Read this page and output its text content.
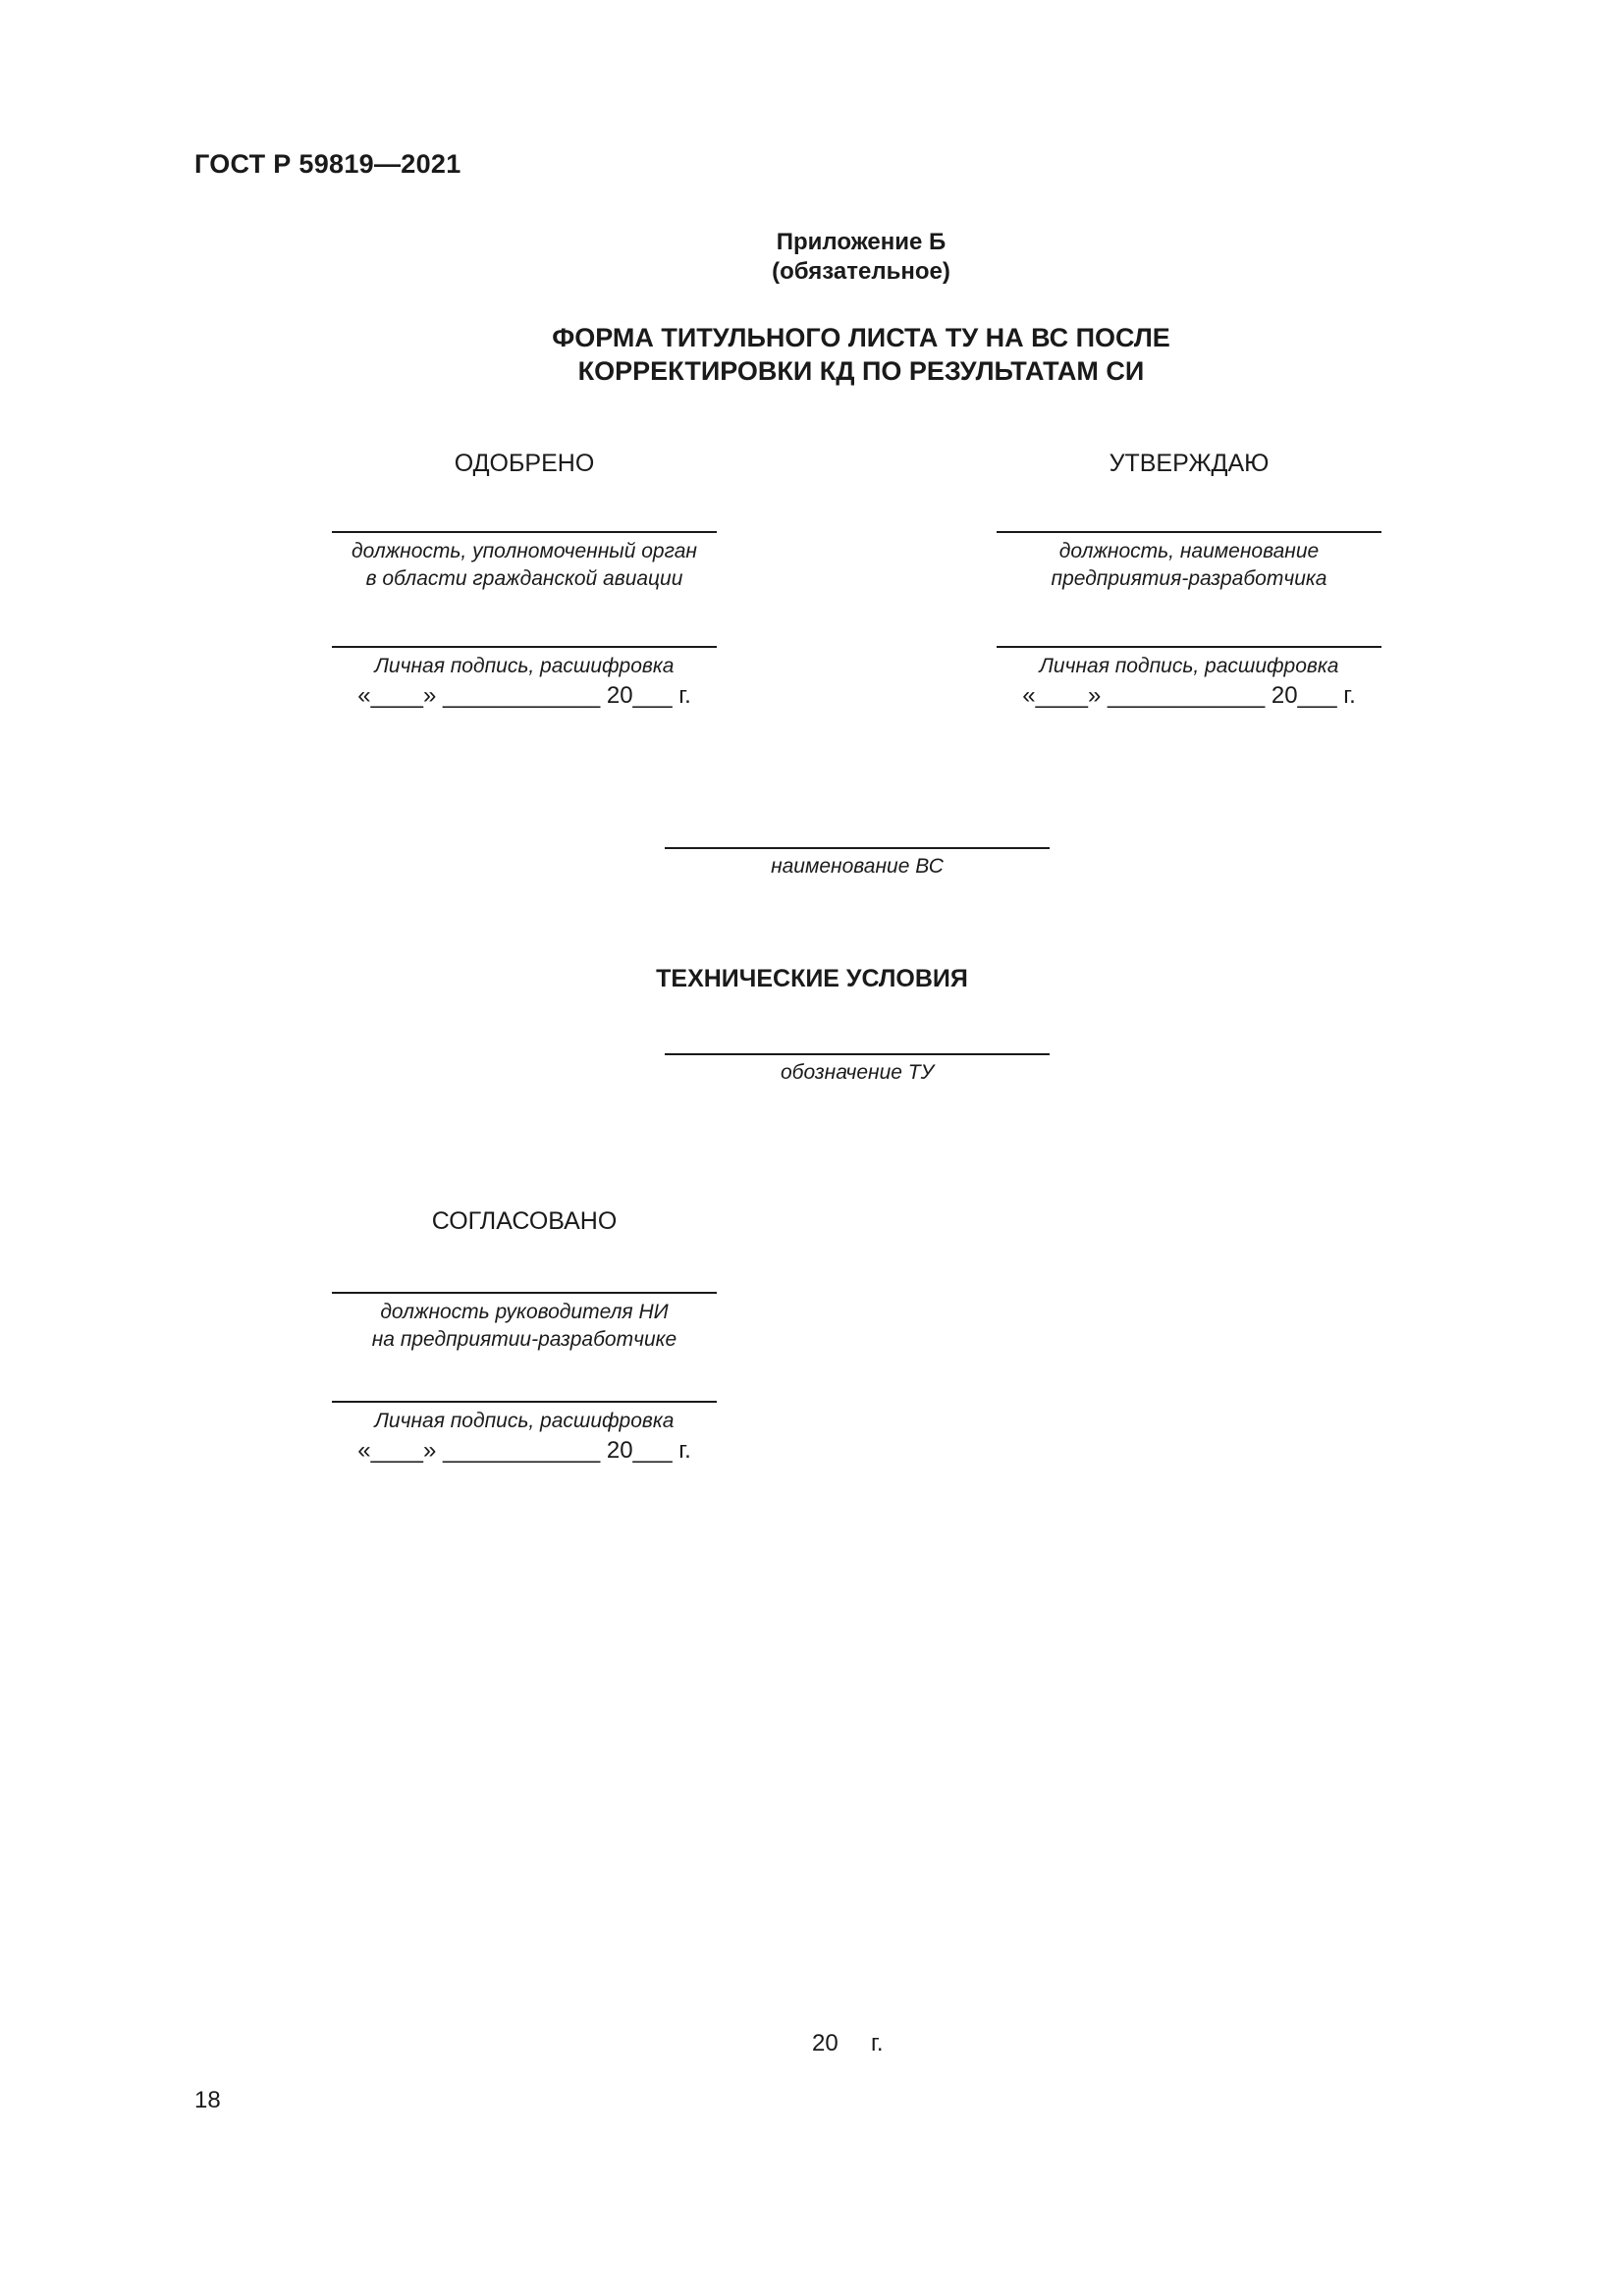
ГОСТ Р 59819—2021
Приложение Б
(обязательное)
ФОРМА ТИТУЛЬНОГО ЛИСТА ТУ НА ВС ПОСЛЕ
КОРРЕКТИРОВКИ КД ПО РЕЗУЛЬТАТАМ СИ
ОДОБРЕНО
должность, уполномоченный орган
в области гражданской авиации
Личная подпись, расшифровка
«____» ____________ 20___ г.
УТВЕРЖДАЮ
должность, наименование
предприятия-разработчика
Личная подпись, расшифровка
«____» ____________ 20___ г.
наименование ВС
ТЕХНИЧЕСКИЕ УСЛОВИЯ
обозначение ТУ
СОГЛАСОВАНО
должность руководителя НИ
на предприятии-разработчике
Личная подпись, расшифровка
«____» ____________ 20___ г.
20     г.
18
